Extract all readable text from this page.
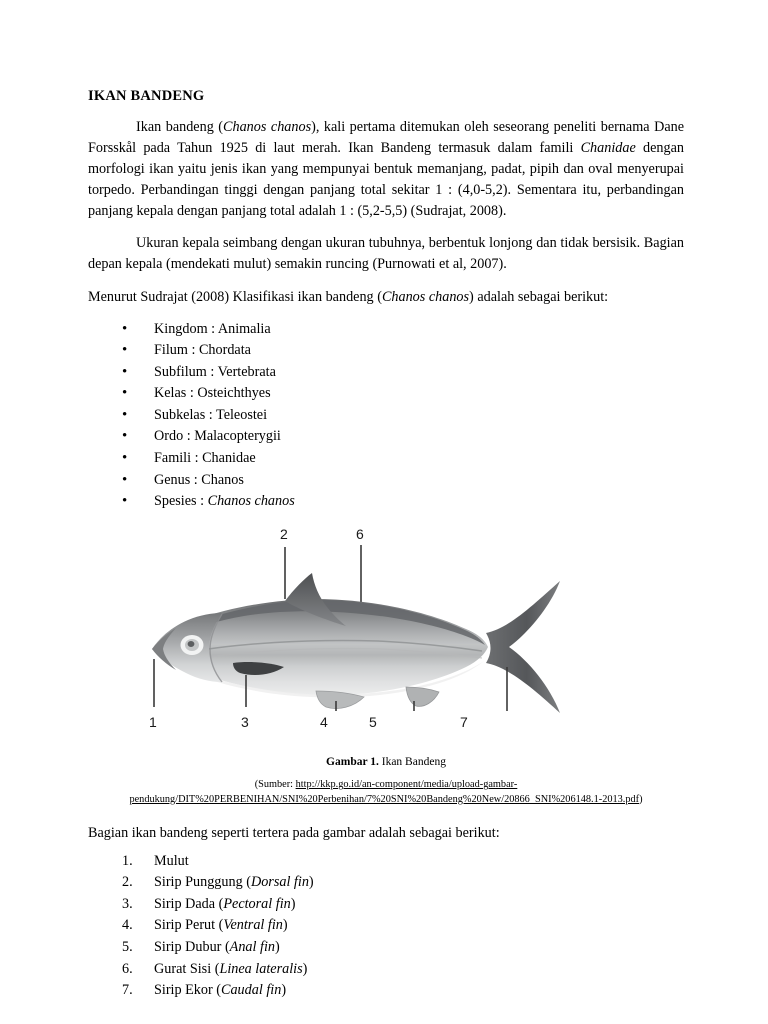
IKAN BANDENG

Ikan bandeng (Chanos chanos), kali pertama ditemukan oleh seseorang peneliti bernama Dane Forsskål pada Tahun 1925 di laut merah. Ikan Bandeng termasuk dalam famili Chanidae dengan morfologi ikan yaitu jenis ikan yang mempunyai bentuk memanjang, padat, pipih dan oval menyerupai torpedo. Perbandingan tinggi dengan panjang total sekitar 1 : (4,0-5,2). Sementara itu, perbandingan panjang kepala dengan panjang total adalah 1 : (5,2-5,5) (Sudrajat, 2008).

Ukuran kepala seimbang dengan ukuran tubuhnya, berbentuk lonjong dan tidak bersisik. Bagian depan kepala (mendekati mulut) semakin runcing (Purnowati et al, 2007).

Menurut Sudrajat (2008) Klasifikasi ikan bandeng (Chanos chanos) adalah sebagai berikut:

• Kingdom : Animalia
• Filum : Chordata
• Subfilum : Vertebrata
• Kelas : Osteichthyes
• Subkelas : Teleostei
• Ordo : Malacopterygii
• Famili : Chanidae
• Genus : Chanos
• Spesies : Chanos chanos
2	6
1	3	4	5	7

Gambar 1. Ikan Bandeng

(Sumber: http://kkp.go.id/an-component/media/upload-gambar-
pendukung/DIT%20PERBENIHAN/SNI%20Perbenihan/7%20SNI%20Bandeng%20New/20866_SNI%206148.1-2013.pdf)

Bagian ikan bandeng seperti tertera pada gambar adalah sebagai berikut:

Mulut
Sirip Punggung (Dorsal fin)
Sirip Dada (Pectoral fin)
Sirip Perut (Ventral fin)
Sirip Dubur (Anal fin)
Gurat Sisi (Linea lateralis)
Sirip Ekor (Caudal fin)
